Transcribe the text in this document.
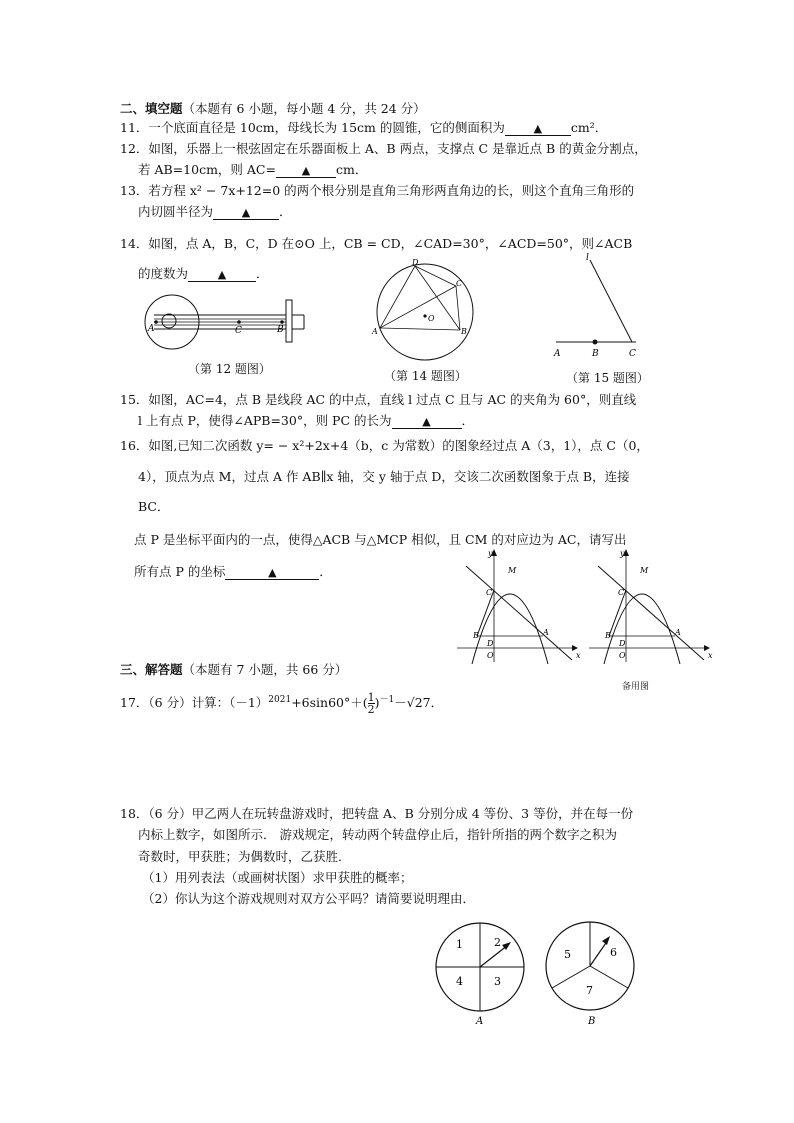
二、填空题（本题有 6 小题，每小题 4 分，共 24 分）
11．一个底面直径是 10cm，母线长为 15cm 的圆锥，它的侧面积为	▲ cm²．
12．如图，乐器上一根弦固定在乐器面板上 A、B 两点，支撑点 C 是靠近点 B 的黄金分割点，
若 AB=10cm，则 AC= ▲ cm．
13．若方程 x² − 7x+12=0 的两个根分别是直角三角形两直角边的长，则这个直角三角形的
内切圆半径为	▲ ．
14．如图，点 A，B，C，D 在⊙O 上，CB = CD，∠CAD=30°，∠ACD=50°，则∠ACB
的度数为	▲ ．
A	C	B
（第 12 题图）
D
C
A
O
B
（第 14 题图）
l
A	B	C
（第 15 题图）
15．如图，AC=4，点 B 是线段 AC 的中点，直线 l 过点 C 且与 AC 的夹角为 60°，则直线
l 上有点 P，使得∠APB=30°，则 PC 的长为	▲ ．
16．如图,已知二次函数 y= − x²+2x+4（b，c 为常数）的图象经过点 A（3，1），点 C（0，
4），顶点为点 M，过点 A 作 AB∥x 轴，交 y 轴于点 D，交该二次函数图象于点 B，连接
BC．
点 P 是坐标平面内的一点，使得△ACB 与△MCP 相似，且 CM 的对应边为 AC，请写出
所有点 P 的坐标	▲	．
y
x
M
C
B
D
A
O
y
x
M
C
B
D
A
O
备用图
三、解答题（本题有 7 小题，共 66 分）
17．（6 分）计算：$(-1)^{2021}+6\sin 60^\circ+( \frac{1}{2} )^{-1}-√27$．
18．（6 分）甲乙两人在玩转盘游戏时，把转盘 A、B 分别分成 4 等份、3 等份，并在每一份
内标上数字，如图所示． 游戏规定，转动两个转盘停止后，指针所指的两个数字之积为
奇数时，甲获胜；为偶数时，乙获胜．
（1）用列表法（或画树状图）求甲获胜的概率；
（2）你认为这个游戏规则对双方公平吗？请简要说明理由．
1	2
4	3
A
5	6
7
B
